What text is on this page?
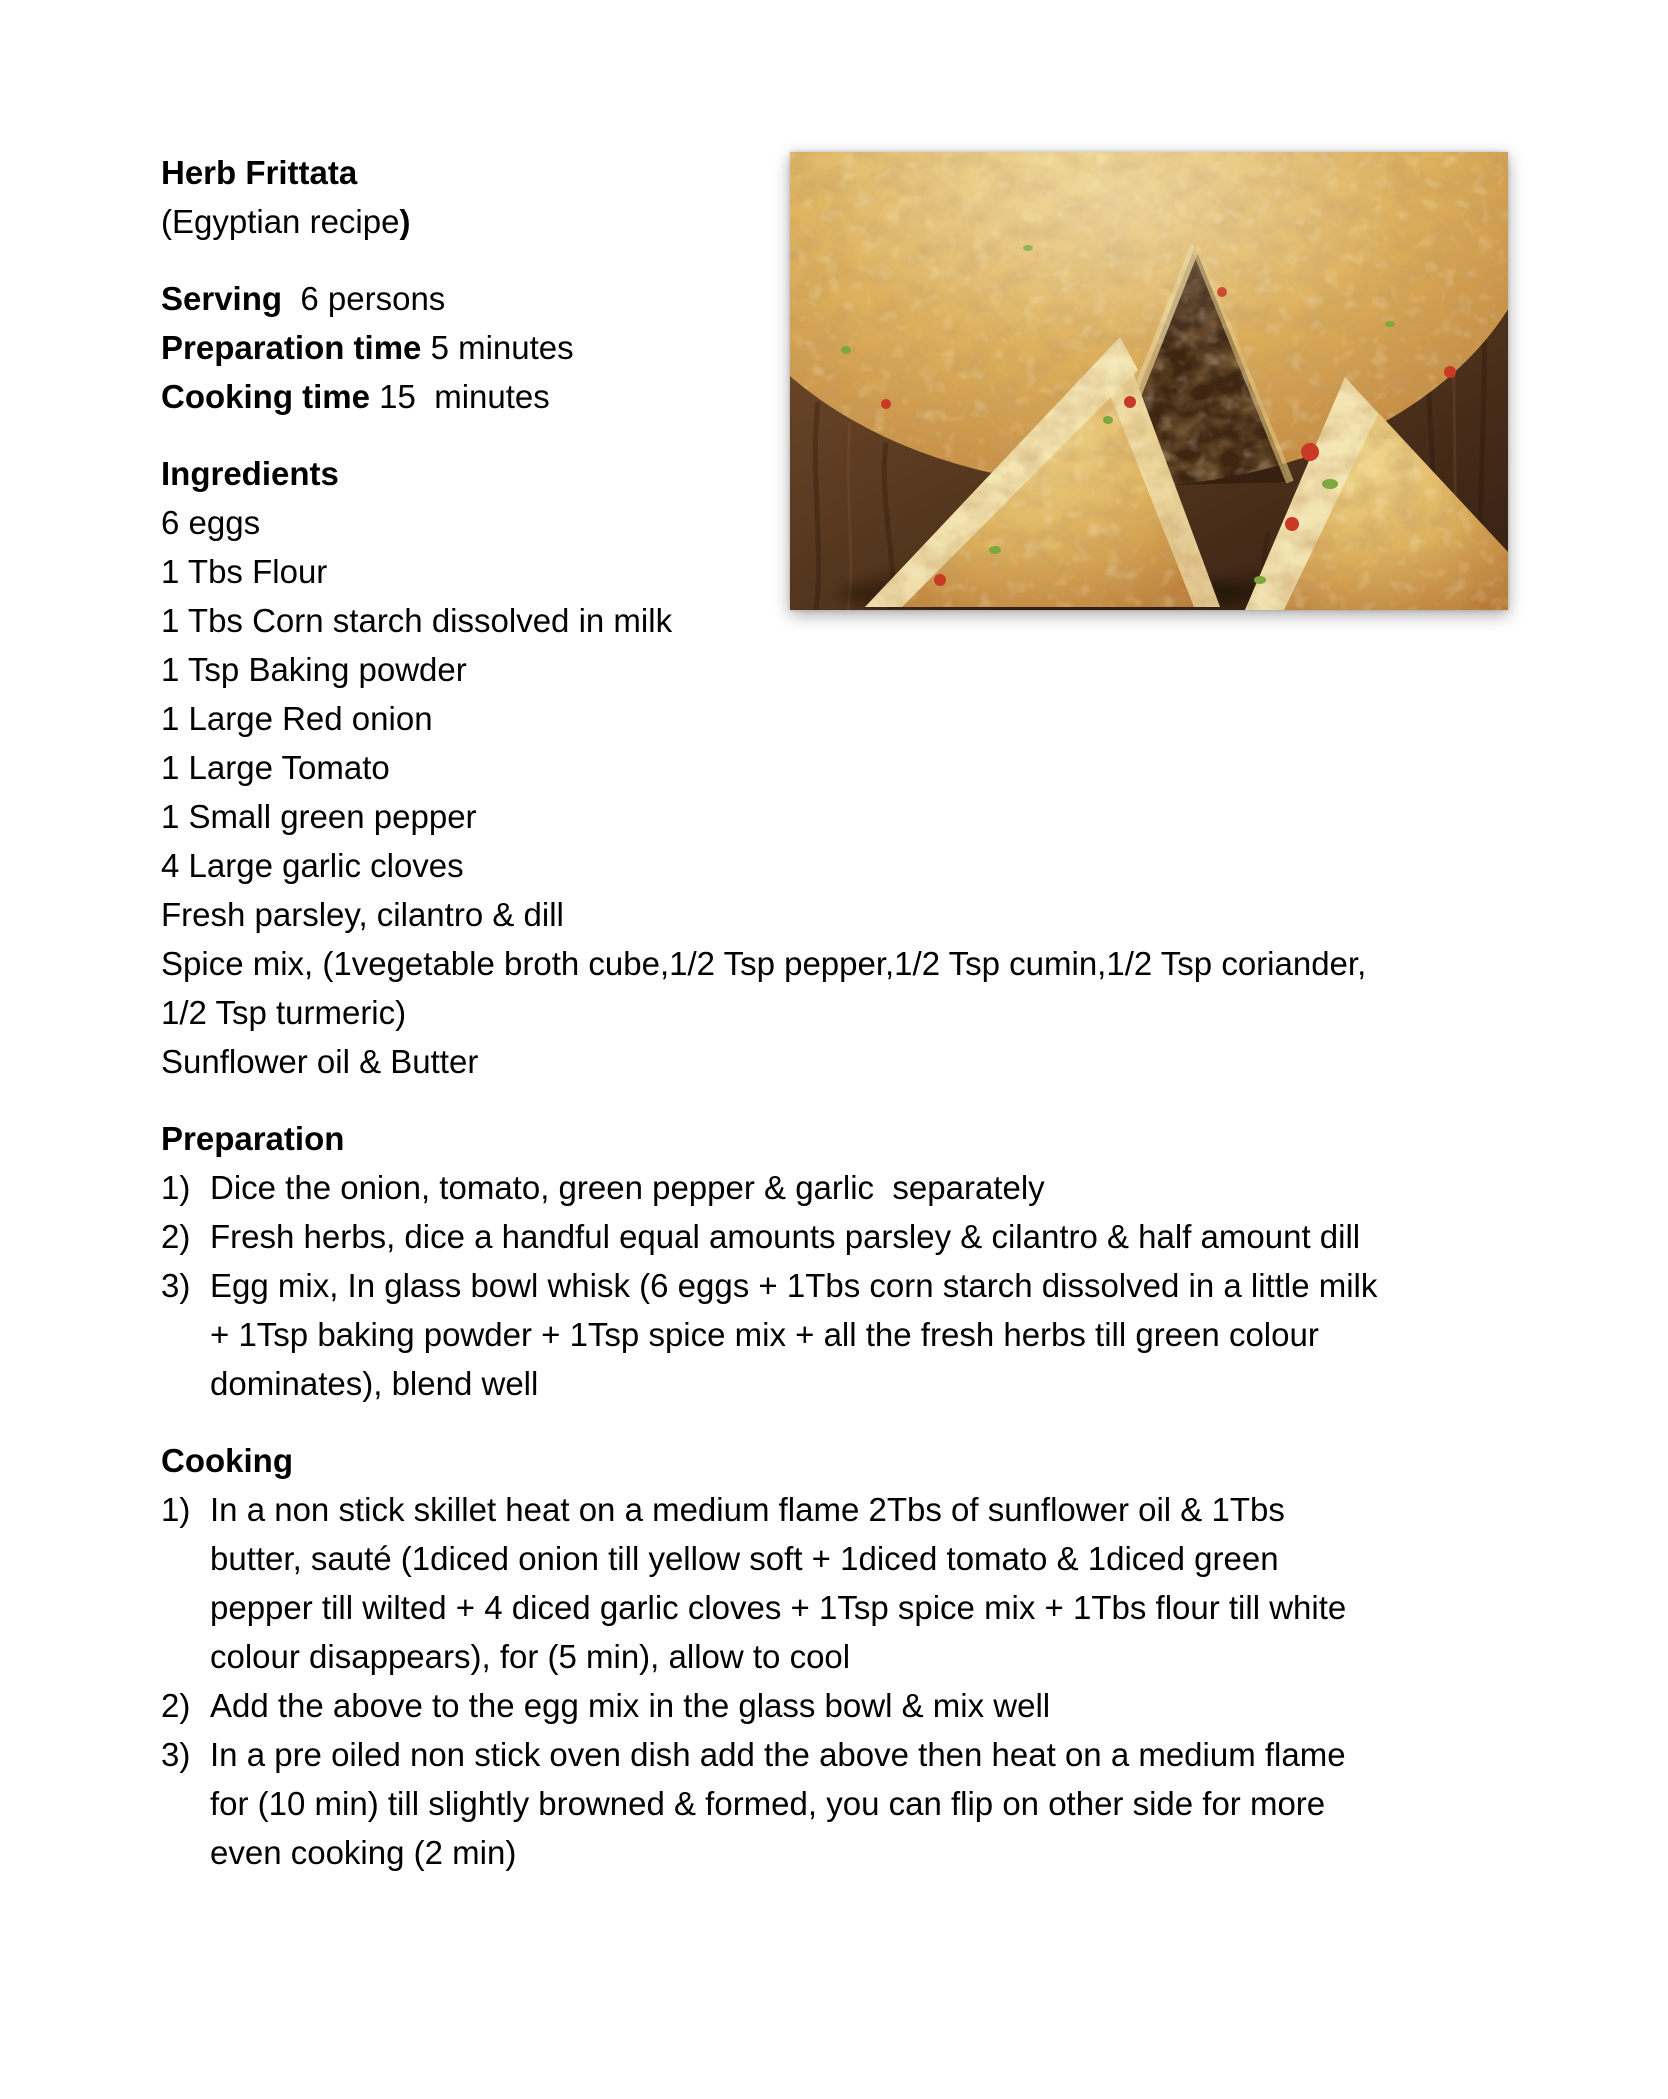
Herb Frittata
(Egyptian recipe)
Serving  6 persons
Preparation time 5 minutes
Cooking time 15  minutes
Ingredients
6 eggs
1 Tbs Flour
1 Tbs Corn starch dissolved in milk
1 Tsp Baking powder
1 Large Red onion
1 Large Tomato
1 Small green pepper
4 Large garlic cloves
Fresh parsley, cilantro & dill
Spice mix, (1vegetable broth cube,1/2 Tsp pepper,1/2 Tsp cumin,1/2 Tsp coriander,
1/2 Tsp turmeric)
Sunflower oil & Butter
Preparation
1) Dice the onion, tomato, green pepper & garlic  separately
2) Fresh herbs, dice a handful equal amounts parsley & cilantro & half amount dill
3) Egg mix, In glass bowl whisk (6 eggs + 1Tbs corn starch dissolved in a little milk
+ 1Tsp baking powder + 1Tsp spice mix + all the fresh herbs till green colour
dominates), blend well
Cooking
1) In a non stick skillet heat on a medium flame 2Tbs of sunflower oil & 1Tbs
butter, sauté (1diced onion till yellow soft + 1diced tomato & 1diced green
pepper till wilted + 4 diced garlic cloves + 1Tsp spice mix + 1Tbs flour till white
colour disappears), for (5 min), allow to cool
2) Add the above to the egg mix in the glass bowl & mix well
3) In a pre oiled non stick oven dish add the above then heat on a medium flame
for (10 min) till slightly browned & formed, you can flip on other side for more
even cooking (2 min)
